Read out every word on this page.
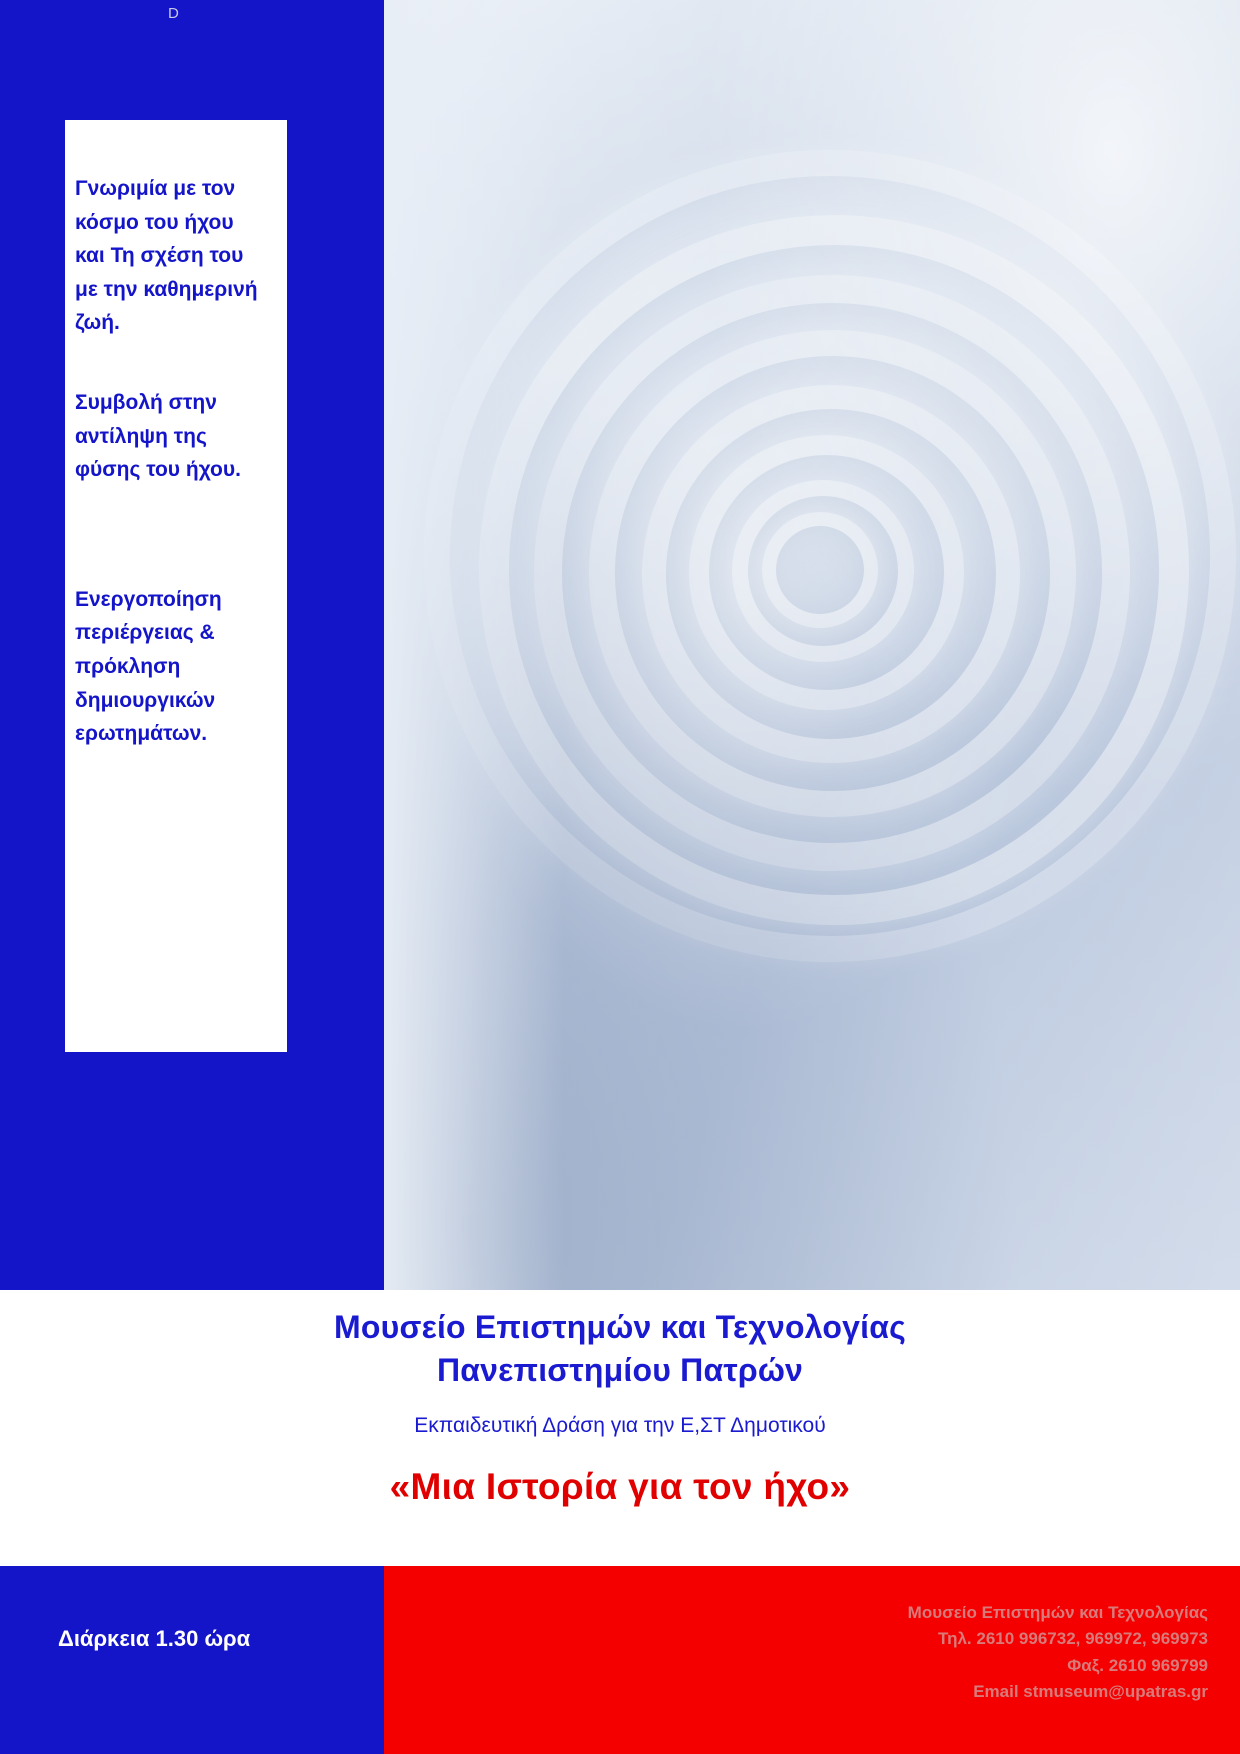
D

Γνωριμία με τον κόσμο του ήχου και Τη σχέση του με την καθημερινή ζωή.

Συμβολή στην αντίληψη της φύσης του ήχου.

Ενεργοποίηση περιέργειας & πρόκληση δημιουργικών ερωτημάτων.

Μουσείο Επιστημών και Τεχνολογίας
Πανεπιστημίου Πατρών
Εκπαιδευτική Δράση για την Ε,ΣΤ Δημοτικού
«Μια Ιστορία για τον ήχο»
Διάρκεια 1.30 ώρα
Μουσείο Επιστημών και Τεχνολογίας
Τηλ. 2610 996732, 969972, 969973
Φαξ. 2610 969799
Email stmuseum@upatras.gr
